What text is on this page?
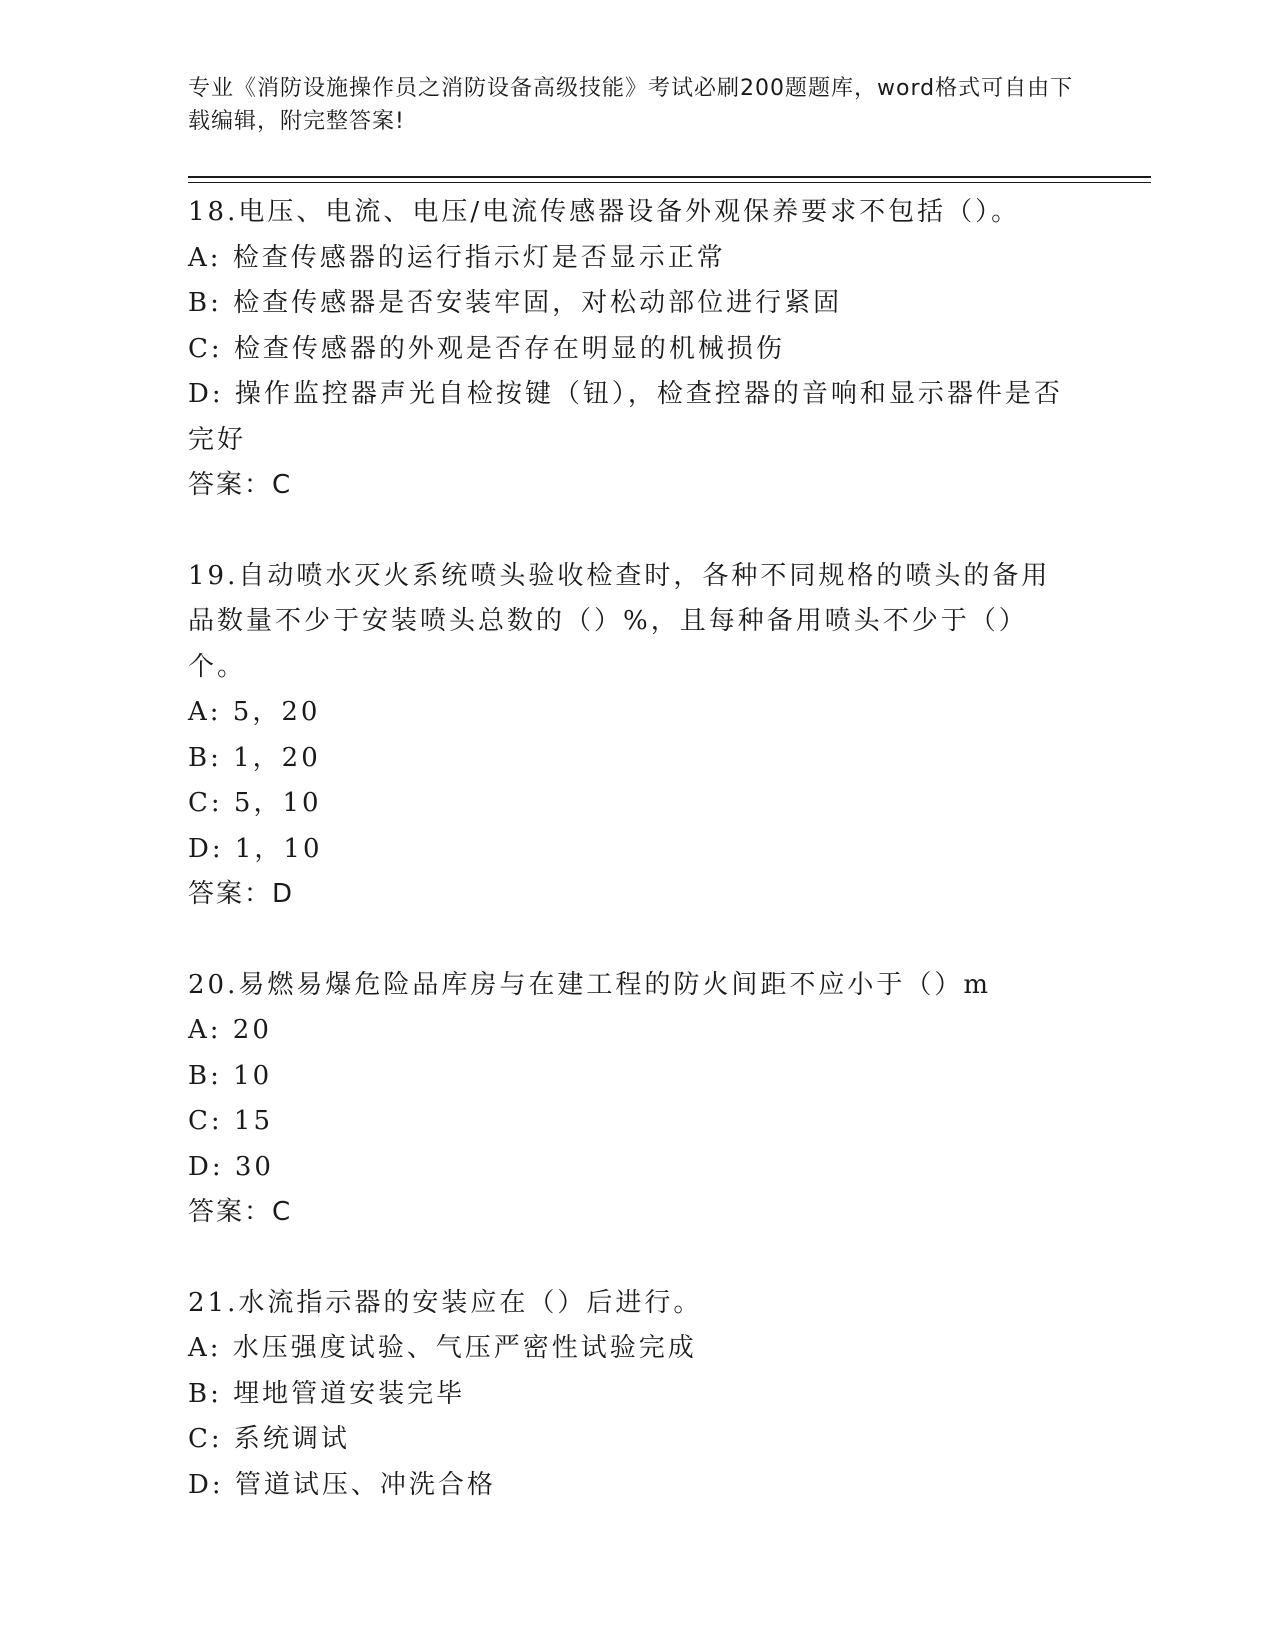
专业《消防设施操作员之消防设备高级技能》考试必刷200题题库，word格式可自由下载编辑，附完整答案!
18.电压、电流、电压/电流传感器设备外观保养要求不包括（）。
A: 检查传感器的运行指示灯是否显示正常
B: 检查传感器是否安装牢固，对松动部位进行紧固
C: 检查传感器的外观是否存在明显的机械损伤
D: 操作监控器声光自检按键（钮），检查控器的音响和显示器件是否完好
答案：C
19.自动喷水灭火系统喷头验收检查时，各种不同规格的喷头的备用品数量不少于安装喷头总数的（）%，且每种备用喷头不少于（）个。
A: 5，20
B: 1，20
C: 5，10
D: 1，10
答案：D
20.易燃易爆危险品库房与在建工程的防火间距不应小于（）m
A: 20
B: 10
C: 15
D: 30
答案：C
21.水流指示器的安装应在（）后进行。
A: 水压强度试验、气压严密性试验完成
B: 埋地管道安装完毕
C: 系统调试
D: 管道试压、冲洗合格
